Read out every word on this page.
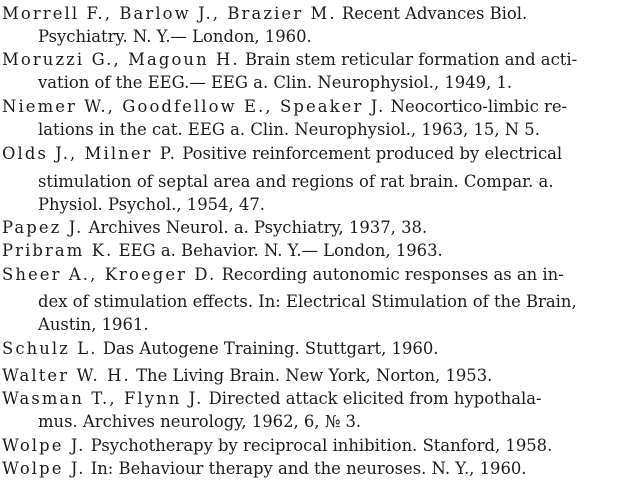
Morrell F., Barlow J., Brazier M. Recent Advances Biol.
Psychiatry. N. Y.— London, 1960.
Moruzzi G., Magoun H. Brain stem reticular formation and acti-
vation of the EEG.— EEG a. Clin. Neurophysiol., 1949, 1.
Niemer W., Goodfellow E., Speaker J. Neocortico-limbic re-
lations in the cat. EEG a. Clin. Neurophysiol., 1963, 15, N 5.
Olds J., Milner P. Positive reinforcement produced by electrical
stimulation of septal area and regions of rat brain. Compar. a.
Physiol. Psychol., 1954, 47.
Papez J. Archives Neurol. a. Psychiatry, 1937, 38.
Pribram K. EEG a. Behavior. N. Y.— London, 1963.
Sheer A., Kroeger D. Recording autonomic responses as an in-
dex of stimulation effects. In: Electrical Stimulation of the Brain,
Austin, 1961.
Schulz L. Das Autogene Training. Stuttgart, 1960.
Walter W. H. The Living Brain. New York, Norton, 1953.
Wasman T., Flynn J. Directed attack elicited from hypothala-
mus. Archives neurology, 1962, 6, № 3.
Wolpe J. Psychotherapy by reciprocal inhibition. Stanford, 1958.
Wolpe J. In: Behaviour therapy and the neuroses. N. Y., 1960.
